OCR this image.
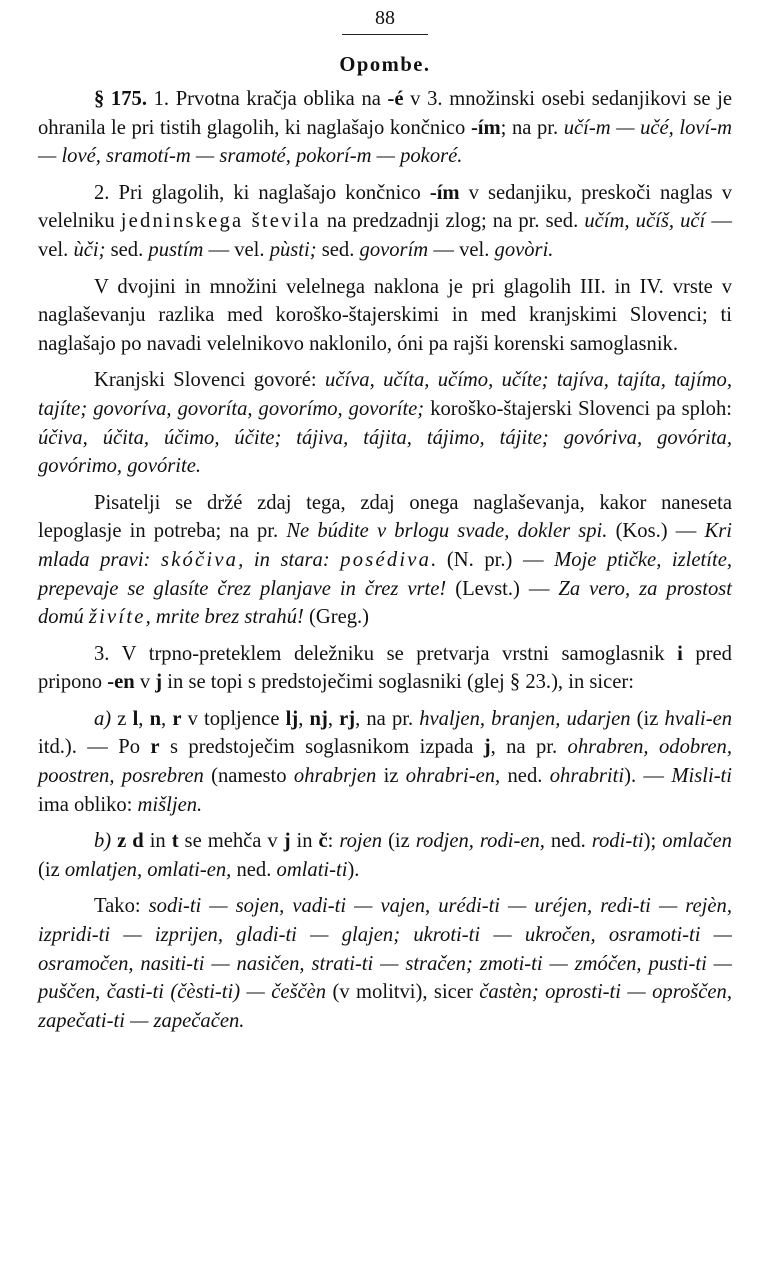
88
Opombe.

§ 175. 1. Prvotna kračja oblika na -é v 3. množinski osebi sedanjikovi se je ohranila le pri tistih glagolih, ki naglašajo končnico -ím; na pr. učí-m — učé, loví-m — lové, sramotí-m — sramoté, pokorí-m — pokoré.

2. Pri glagolih, ki naglašajo končnico -ím v sedanjiku, preskoči naglas v velelniku jedninskega števila na predzadnji zlog; na pr. sed. učím, učíš, učí — vel. ùči; sed. pustím — vel. pùsti; sed. govorím — vel. govòri.

V dvojini in množini velelnega naklona je pri glagolih III. in IV. vrste v naglaševanju razlika med koroško-štajerskimi in med kranjskimi Slovenci; ti naglašajo po navadi velelnikovo naklonilo, óni pa rajši korenski samoglasnik.

Kranjski Slovenci govoré: učíva, učíta, učímo, učíte; tajíva, tajíta, tajímo, tajíte; govoríva, govoríta, govorímo, govoríte; koroško-štajerski Slovenci pa sploh: účiva, účita, účimo, účite; tájiva, tájita, tájimo, tájite; govóriva, govórita, govórimo, govórite.

Pisatelji se držé zdaj tega, zdaj onega naglaševanja, kakor naneseta lepoglasje in potreba; na pr. Ne búdite v brlogu svade, dokler spi. (Kos.) — Kri mlada pravi: skóčiva, in stara: posédiva. (N. pr.) — Moje ptičke, izletíte, prepevaje se glasíte črez planjave in črez vrte! (Levst.) — Za vero, za prostost domú živíte, mrite brez strahú! (Greg.)

3. V trpno-preteklem deležniku se pretvarja vrstni samoglasnik i pred pripono -en v j in se topi s predstoječimi soglasniki (glej § 23.), in sicer:

a) z l, n, r v topljence lj, nj, rj, na pr. hvaljen, branjen, udarjen (iz hvali-en itd.). — Po r s predstoječim soglasnikom izpada j, na pr. ohrabren, odobren, poostren, posrebren (namesto ohrabrjen iz ohrabri-en, ned. ohrabriti). — Misli-ti ima obliko: mišljen.

b) z d in t se mehča v j in č: rojen (iz rodjen, rodi-en, ned. rodi-ti); omlačen (iz omlatjen, omlati-en, ned. omlati-ti).

Tako: sodi-ti — sojen, vadi-ti — vajen, urédi-ti — uréjen, redi-ti — rejèn, izpridi-ti — izprijen, gladi-ti — glajen; ukroti-ti — ukročen, osramoti-ti — osramočen, nasiti-ti — nasičen, strati-ti — stračen; zmoti-ti — zmóčen, pusti-ti — puščen, časti-ti (čèsti-ti) — češčèn (v molitvi), sicer častèn; oprosti-ti — oproščen, zapečati-ti — zapečačen.
